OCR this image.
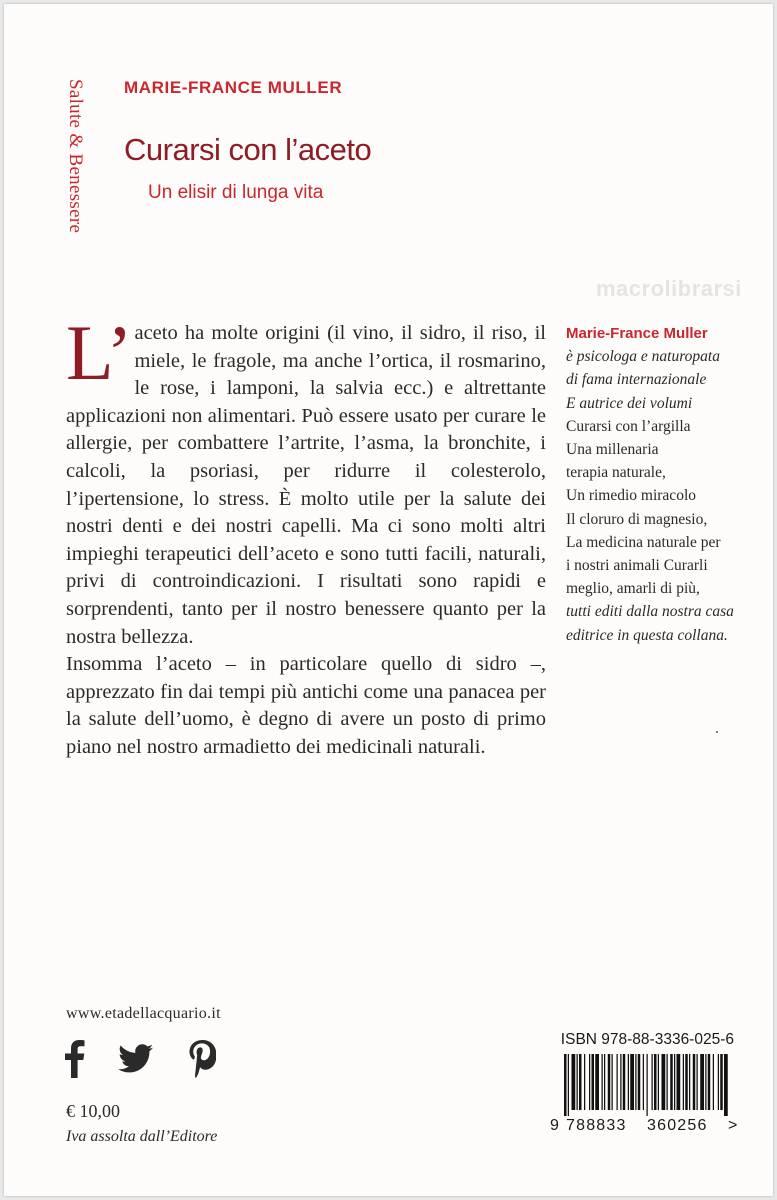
Salute & Benessere MARIE-FRANCE MULLER
Curarsi con l’aceto
Un elisir di lunga vita
macrolibrarsi

L’ aceto ha molte origini (il vino, il sidro, il riso, il miele, le fragole, ma anche l’ortica, il rosmarino, le rose, i lamponi, la salvia ecc.) e altrettante applicazioni non alimentari. Può essere usato per curare le allergie, per combattere l’artrite, l’asma, la bronchite, i calcoli, la psoriasi, per ridurre il colesterolo, l’ipertensione, lo stress. È molto utile per la salute dei nostri denti e dei nostri capelli. Ma ci sono molti altri impieghi terapeutici dell’aceto e sono tutti facili, naturali, privi di controindicazioni. I risultati sono rapidi e sorprendenti, tanto per il nostro benessere quanto per la nostra bellezza.

Insomma l’aceto – in particolare quello di sidro –, apprezzato fin dai tempi più antichi come una panacea per la salute dell’uomo, è degno di avere un posto di primo piano nel nostro armadietto dei medicinali naturali.

Marie-France Muller
è psicologa e naturopata
di fama internazionale
E autrice dei volumi
Curarsi con l’argilla
Una millenaria
terapia naturale,
Un rimedio miracolo
Il cloruro di magnesio,
La medicina naturale per
i nostri animali Curarli
meglio, amarli di più,
tutti editi dalla nostra casa
editrice in questa collana.
www.etadellacquario.it
€ 10,00
Iva assolta dall’Editore
ISBN 978-88-3336-025-6
9 788833 360256 >
